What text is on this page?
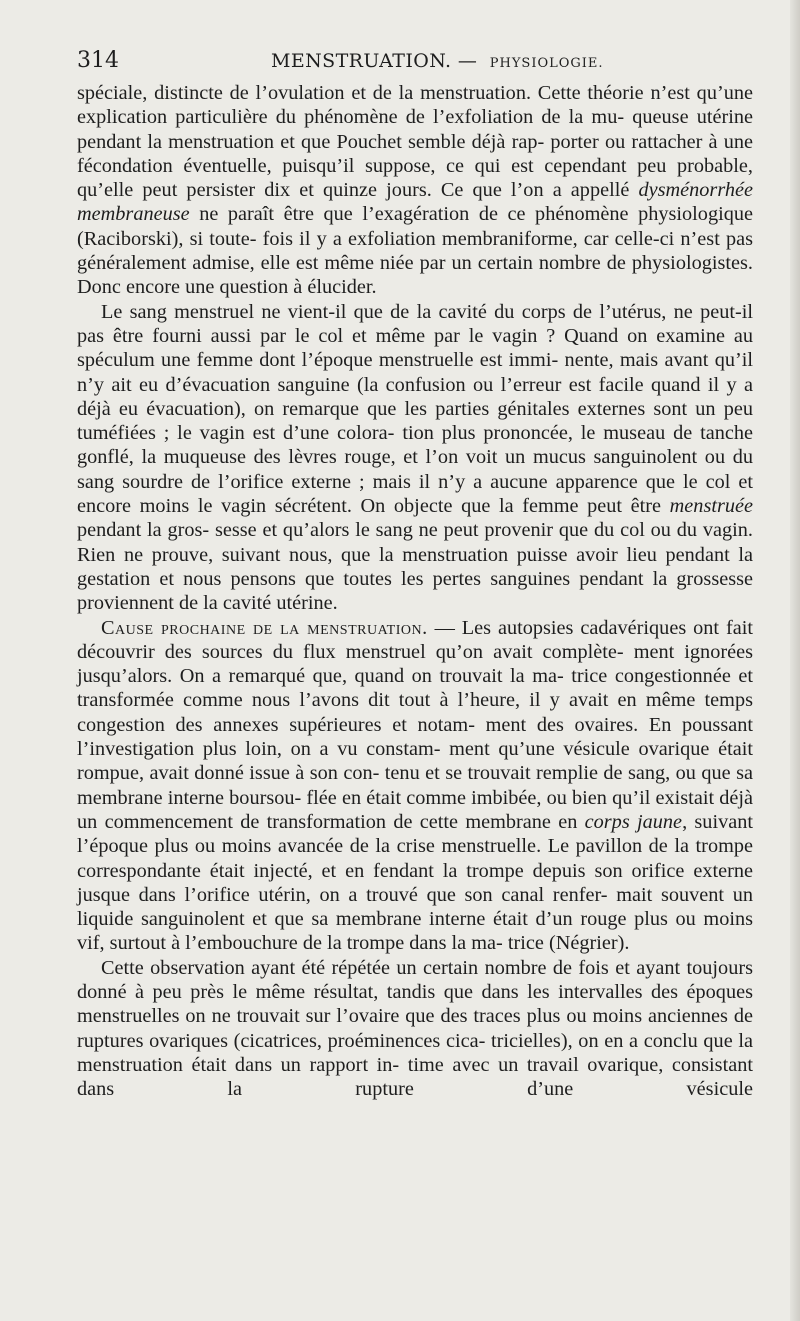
314	MENSTRUATION. — PHYSIOLOGIE.

spéciale, distincte de l’ovulation et de la menstruation. Cette théorie n’est qu’une explication particulière du phénomène de l’exfoliation de la mu- queuse utérine pendant la menstruation et que Pouchet semble déjà rap- porter ou rattacher à une fécondation éventuelle, puisqu’il suppose, ce qui est cependant peu probable, qu’elle peut persister dix et quinze jours. Ce que l’on a appellé dysménorrhée membraneuse ne paraît être que l’exagération de ce phénomène physiologique (Raciborski), si toute- fois il y a exfoliation membraniforme, car celle-ci n’est pas généralement admise, elle est même niée par un certain nombre de physiologistes. Donc encore une question à élucider.

Le sang menstruel ne vient-il que de la cavité du corps de l’utérus, ne peut-il pas être fourni aussi par le col et même par le vagin ? Quand on examine au spéculum une femme dont l’époque menstruelle est immi- nente, mais avant qu’il n’y ait eu d’évacuation sanguine (la confusion ou l’erreur est facile quand il y a déjà eu évacuation), on remarque que les parties génitales externes sont un peu tuméfiées ; le vagin est d’une colora- tion plus prononcée, le museau de tanche gonflé, la muqueuse des lèvres rouge, et l’on voit un mucus sanguinolent ou du sang sourdre de l’orifice externe ; mais il n’y a aucune apparence que le col et encore moins le vagin sécrétent. On objecte que la femme peut être menstruée pendant la gros- sesse et qu’alors le sang ne peut provenir que du col ou du vagin. Rien ne prouve, suivant nous, que la menstruation puisse avoir lieu pendant la gestation et nous pensons que toutes les pertes sanguines pendant la grossesse proviennent de la cavité utérine.

Cause prochaine de la menstruation. — Les autopsies cadavériques ont fait découvrir des sources du flux menstruel qu’on avait complète- ment ignorées jusqu’alors. On a remarqué que, quand on trouvait la ma- trice congestionnée et transformée comme nous l’avons dit tout à l’heure, il y avait en même temps congestion des annexes supérieures et notam- ment des ovaires. En poussant l’investigation plus loin, on a vu constam- ment qu’une vésicule ovarique était rompue, avait donné issue à son con- tenu et se trouvait remplie de sang, ou que sa membrane interne boursou- flée en était comme imbibée, ou bien qu’il existait déjà un commencement de transformation de cette membrane en corps jaune, suivant l’époque plus ou moins avancée de la crise menstruelle. Le pavillon de la trompe correspondante était injecté, et en fendant la trompe depuis son orifice externe jusque dans l’orifice utérin, on a trouvé que son canal renfer- mait souvent un liquide sanguinolent et que sa membrane interne était d’un rouge plus ou moins vif, surtout à l’embouchure de la trompe dans la ma- trice (Négrier).

Cette observation ayant été répétée un certain nombre de fois et ayant toujours donné à peu près le même résultat, tandis que dans les intervalles des époques menstruelles on ne trouvait sur l’ovaire que des traces plus ou moins anciennes de ruptures ovariques (cicatrices, proéminences cica- tricielles), on en a conclu que la menstruation était dans un rapport in- time avec un travail ovarique, consistant dans la rupture d’une vésicule
